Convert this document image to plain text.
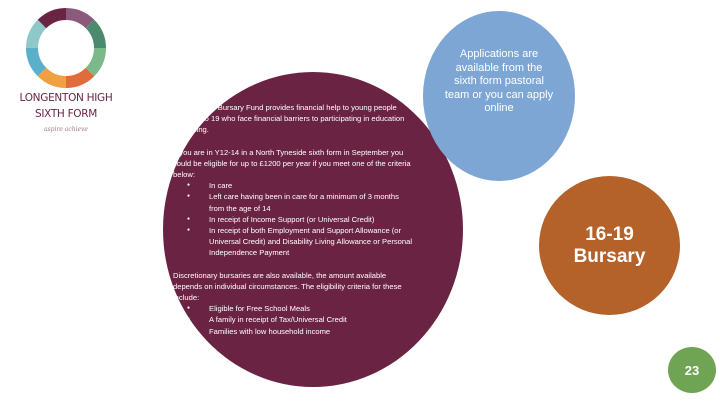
LONGENTON HIGH
SIXTH FORM
aspire achieve

The 16 to 19 Bursary Fund provides financial help to young people aged 16 to 19 who face financial barriers to participating in education or training.

If you are in Y12-14 in a North Tyneside sixth form in September you could be eligible for up to £1200 per year if you meet one of the criteria below:

● In care
● Left care having been in care for a minimum of 3 months from the age of 14
● In receipt of Income Support (or Universal Credit)
● In receipt of both Employment and Support Allowance (or Universal Credit) and Disability Living Allowance or Personal Independence Payment

Discretionary bursaries are also available, the amount available depends on individual circumstances. The eligibility criteria for these include:

● Eligible for Free School Meals
● A family in receipt of Tax/Universal Credit
● Families with low household income
Applications are available from the sixth form pastoral team or you can apply online
16-19
Bursary
23
